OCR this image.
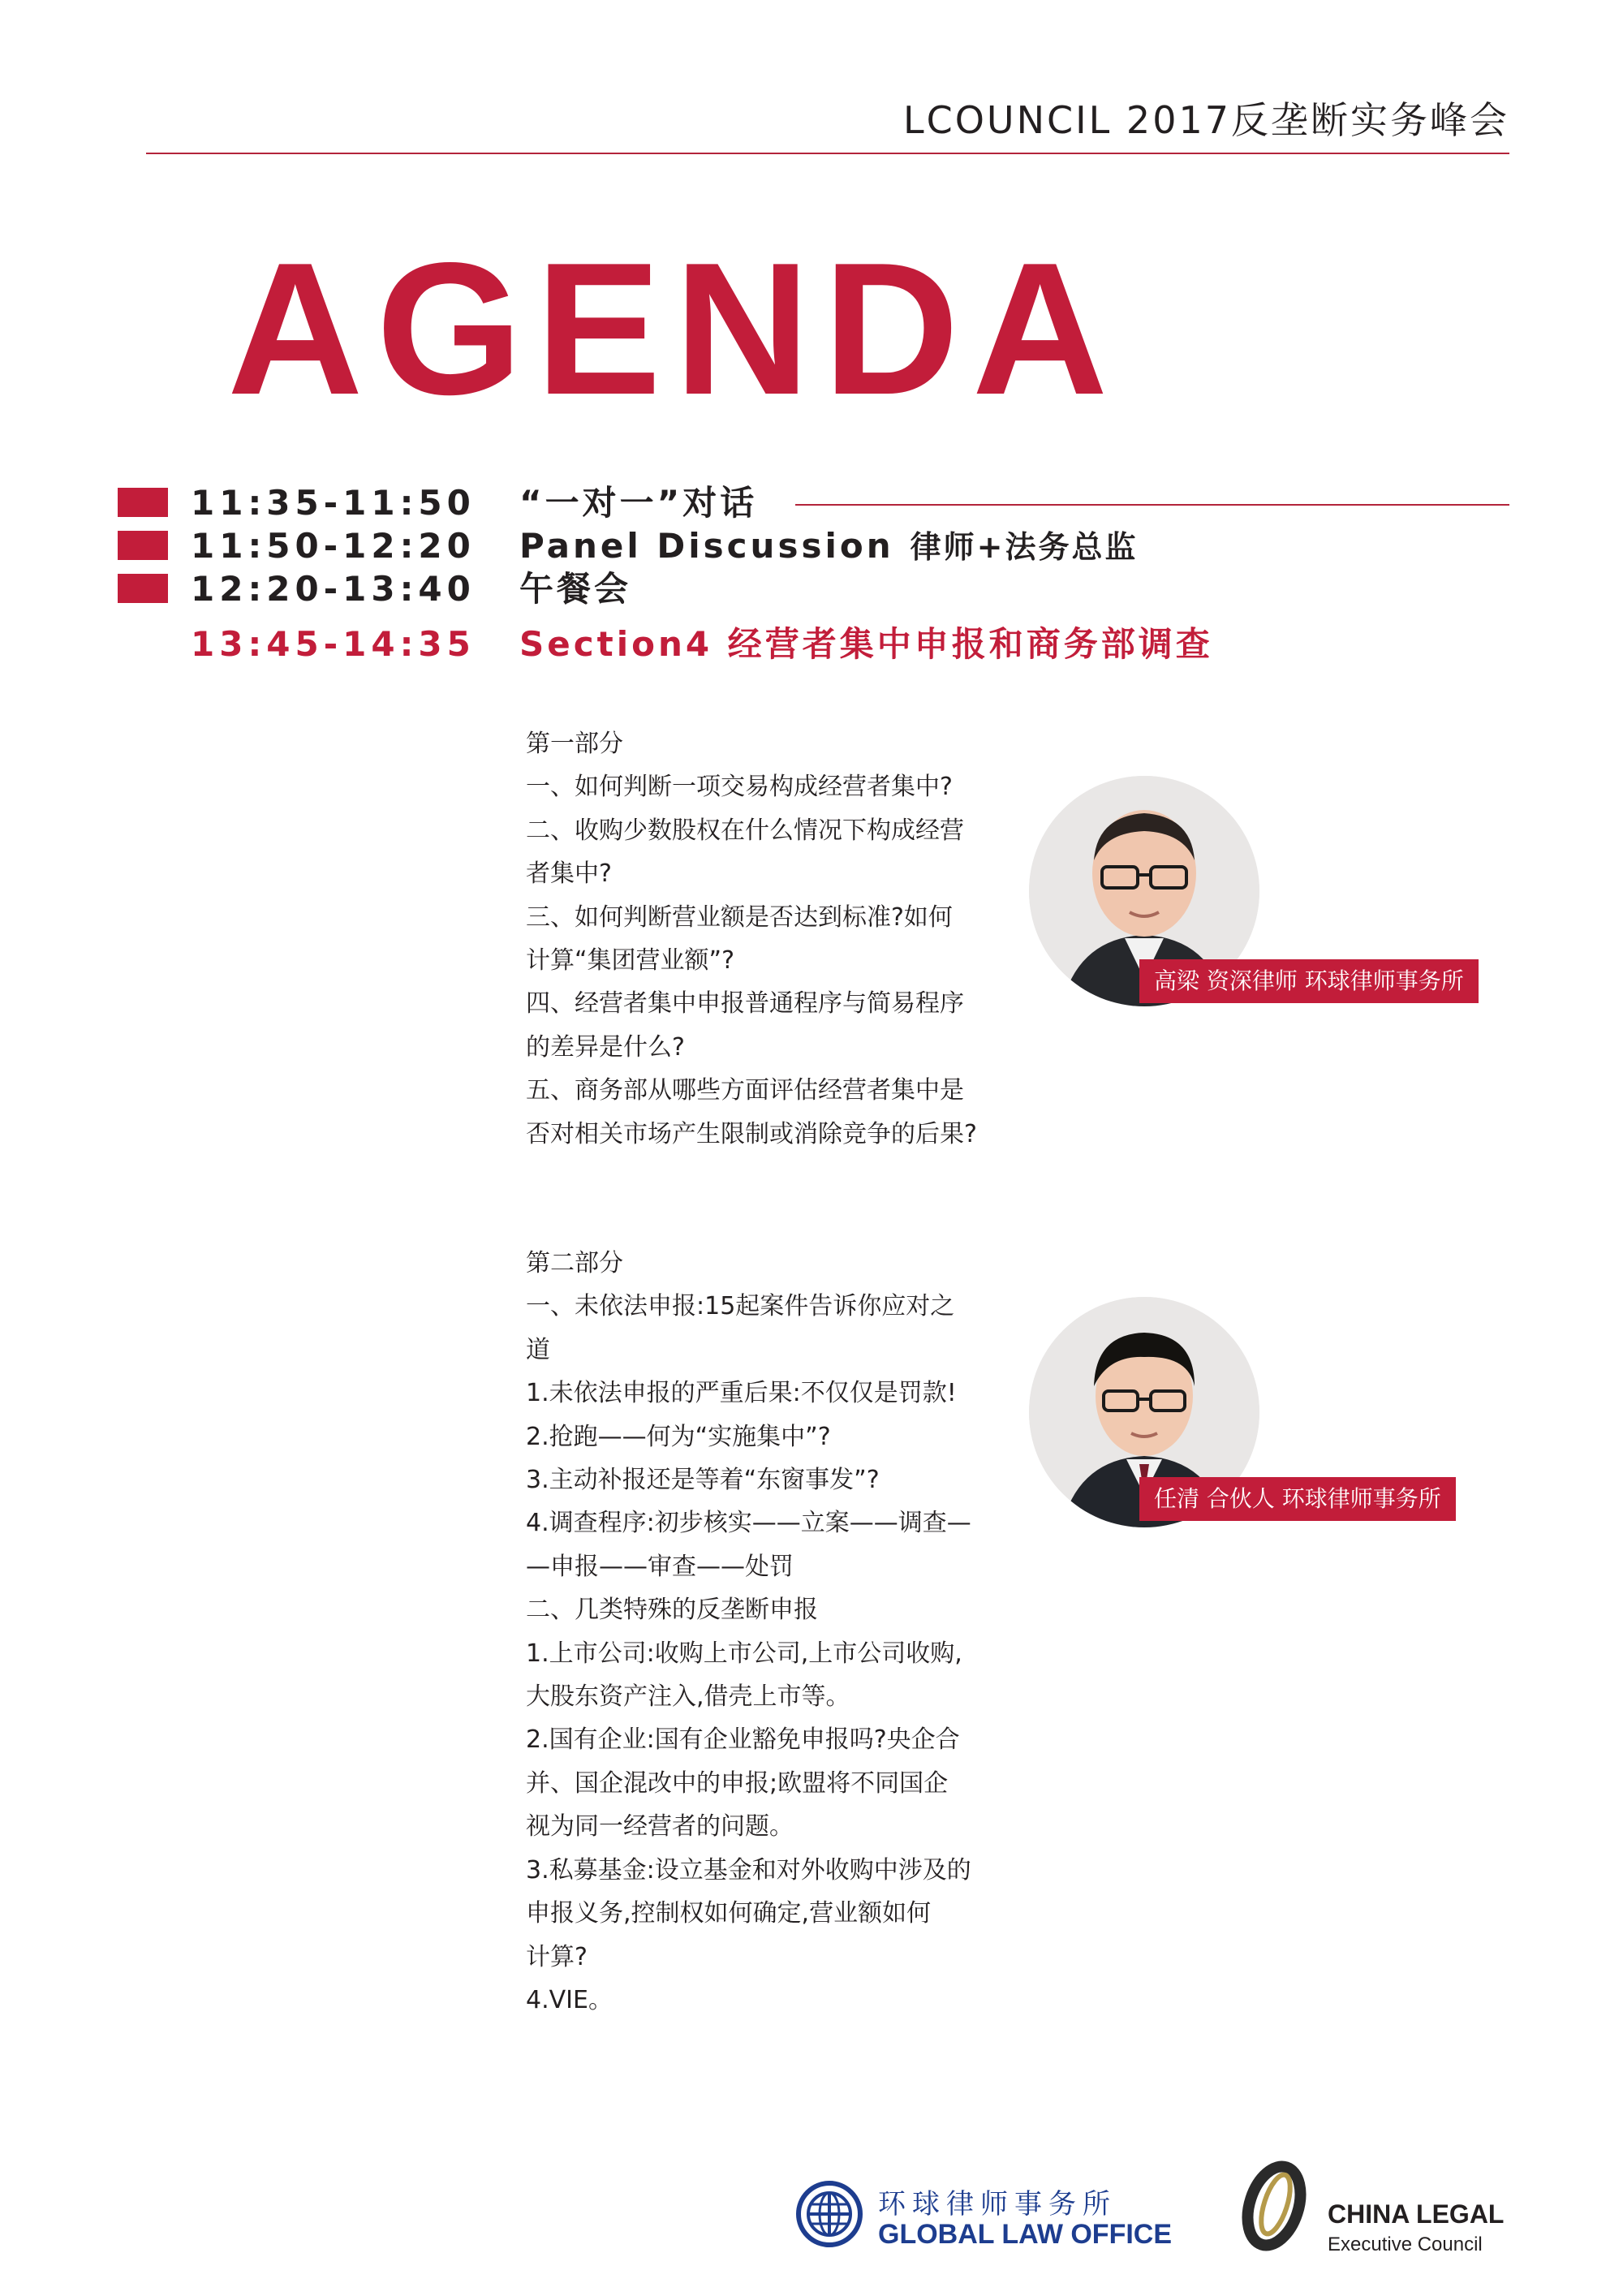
LCOUNCIL 2017反垄断实务峰会
AGENDA
11:35-11:50 “一对一”对话
11:50-12:20 Panel Discussion 律师+法务总监
12:20-13:40 午餐会
13:45-14:35 Section4 经营者集中申报和商务部调查
第一部分
一、如何判断一项交易构成经营者集中?
二、收购少数股权在什么情况下构成经营
者集中?
三、如何判断营业额是否达到标准?如何
计算“集团营业额”?
四、经营者集中申报普通程序与简易程序
的差异是什么?
五、商务部从哪些方面评估经营者集中是
否对相关市场产生限制或消除竞争的后果?
第二部分
一、未依法申报:15起案件告诉你应对之
道
1.未依法申报的严重后果:不仅仅是罚款!
2.抢跑——何为“实施集中”?
3.主动补报还是等着“东窗事发”?
4.调查程序:初步核实——立案——调查—
—申报——审查——处罚
二、几类特殊的反垄断申报
1.上市公司:收购上市公司,上市公司收购,
大股东资产注入,借壳上市等。
2.国有企业:国有企业豁免申报吗?央企合
并、国企混改中的申报;欧盟将不同国企
视为同一经营者的问题。
3.私募基金:设立基金和对外收购中涉及的
申报义务,控制权如何确定,营业额如何
计算?
4.VIE。
高梁 资深律师 环球律师事务所
任清 合伙人 环球律师事务所
环球律师事务所
GLOBAL LAW OFFICE
CHINA LEGAL
Executive Council
